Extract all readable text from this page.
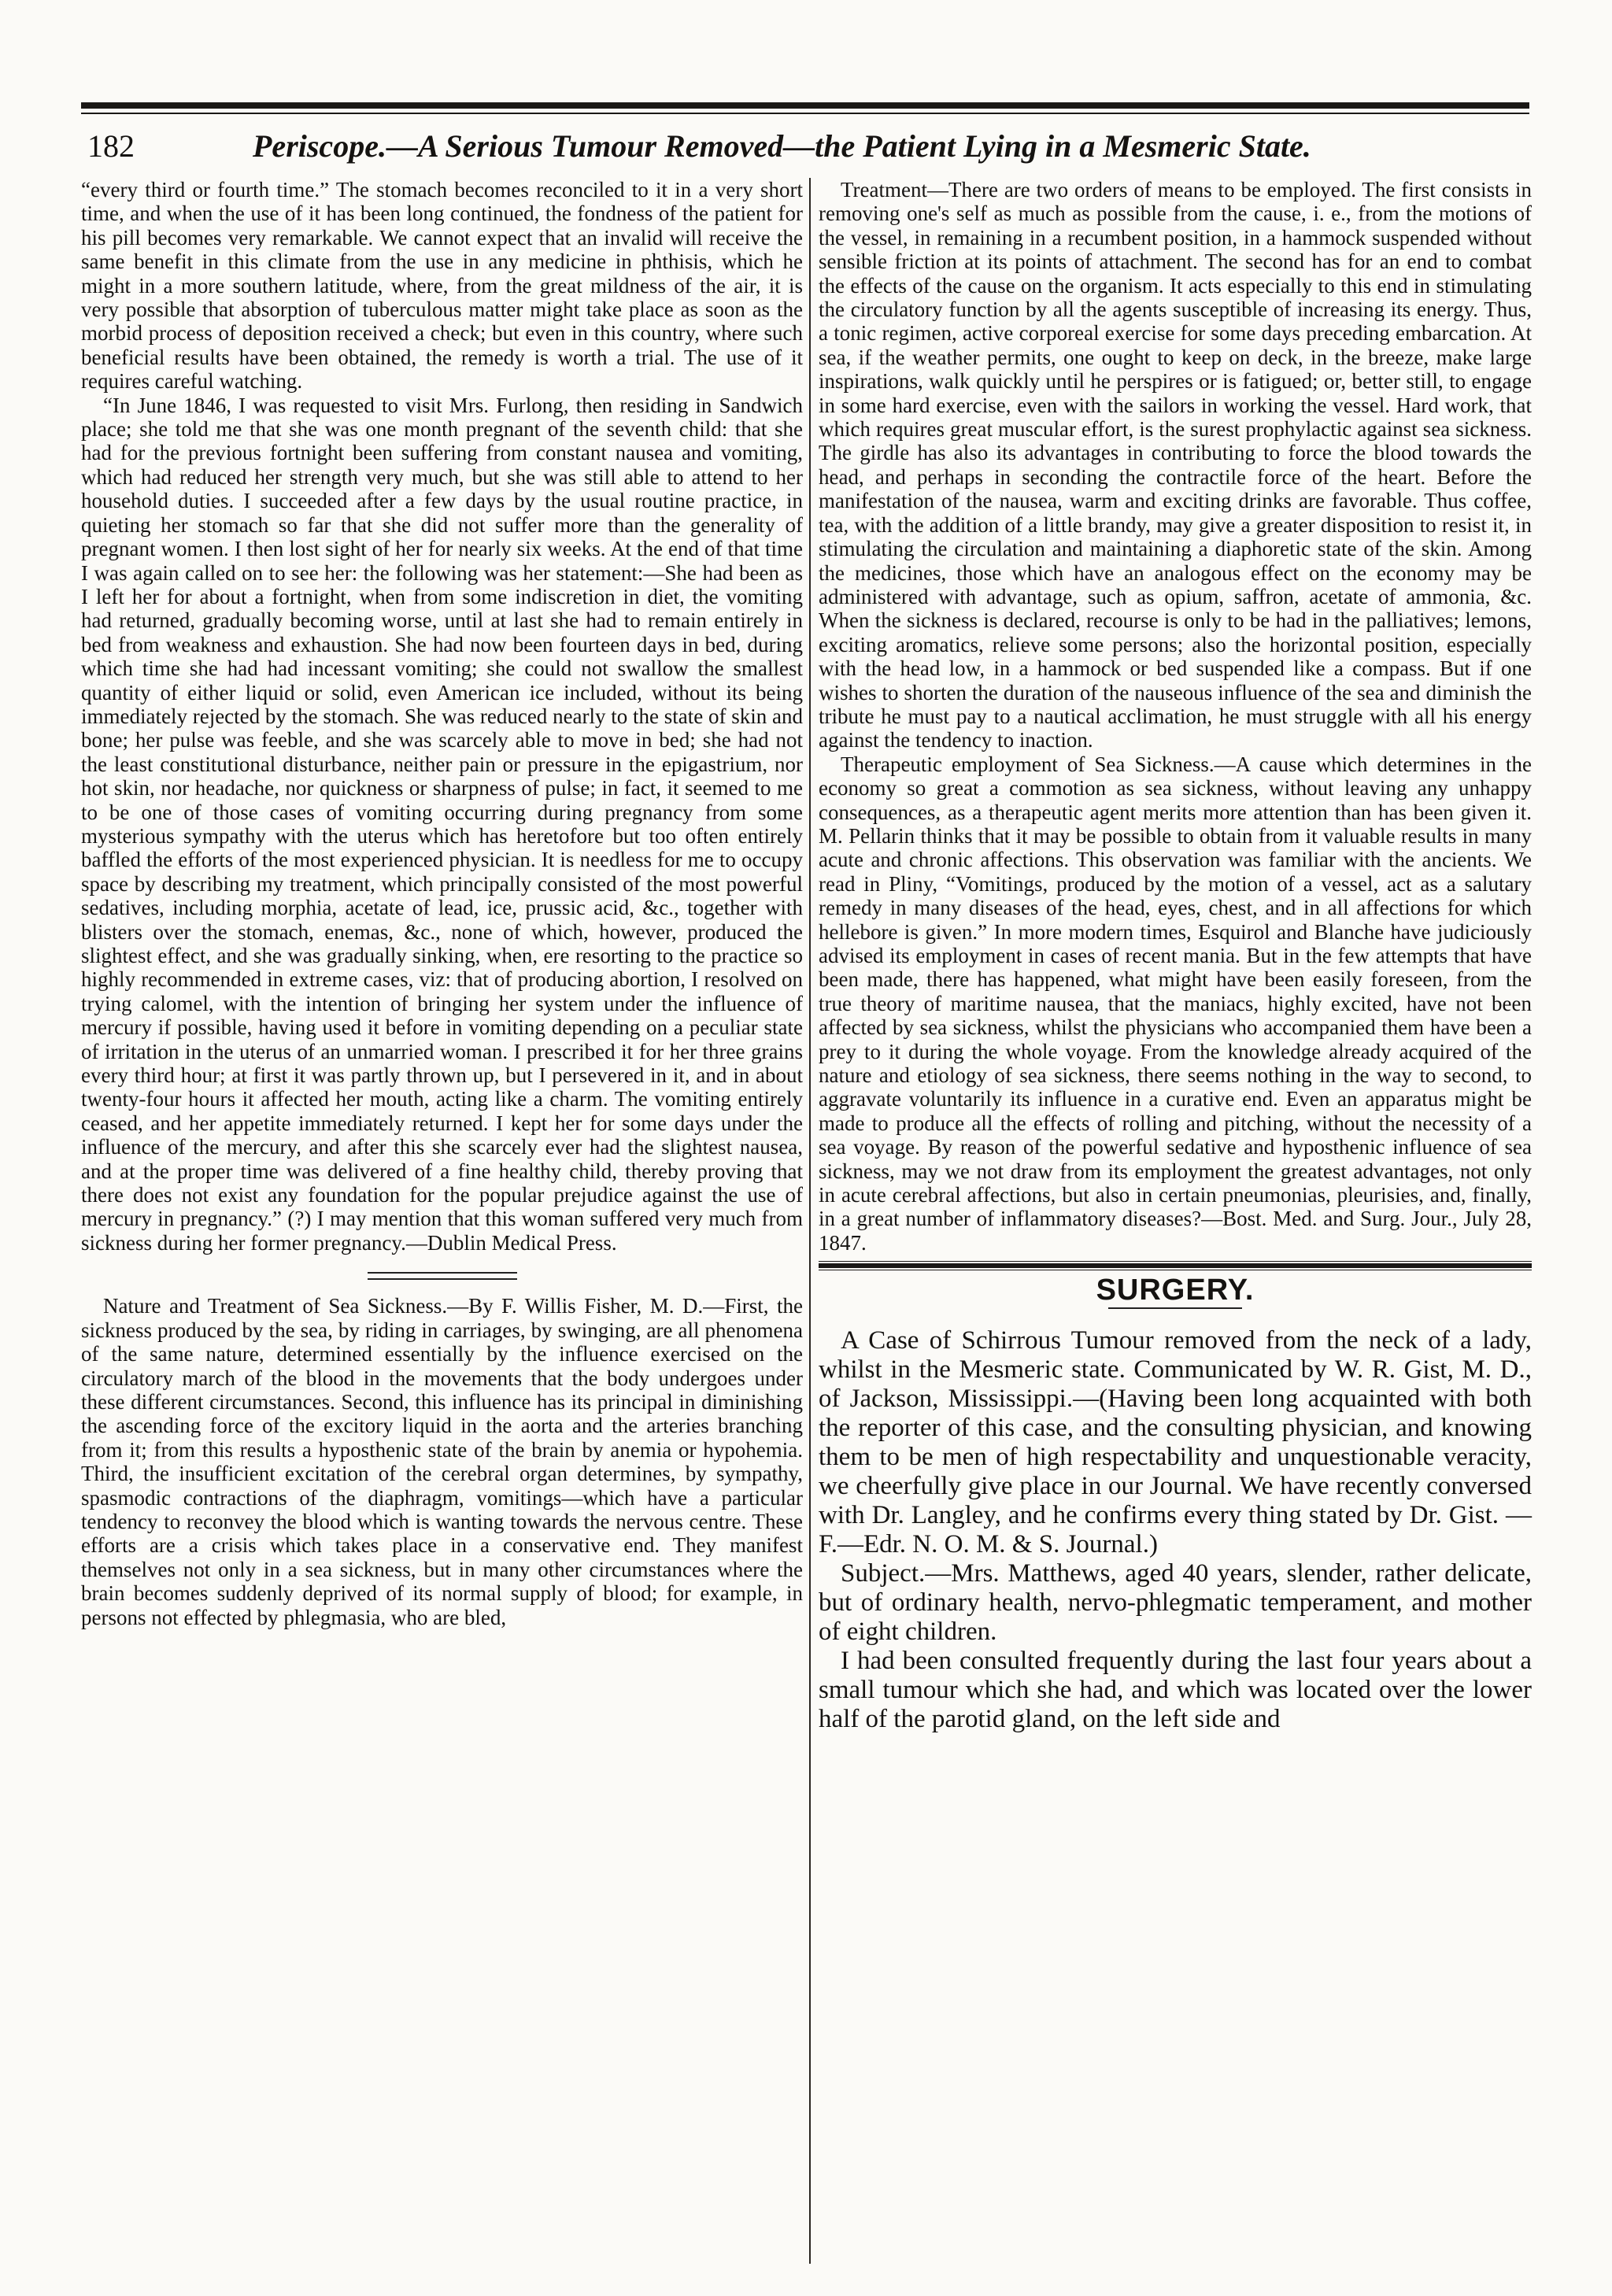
182	Periscope.—A Serious Tumour Removed—the Patient Lying in a Mesmeric State.

“every third or fourth time.” The stomach becomes reconciled to it in a very short time, and when the use of it has been long continued, the fondness of the patient for his pill becomes very remarkable. We cannot expect that an invalid will receive the same benefit in this climate from the use in any medicine in phthisis, which he might in a more southern latitude, where, from the great mildness of the air, it is very possible that absorption of tuberculous matter might take place as soon as the morbid process of deposition received a check; but even in this country, where such beneficial results have been obtained, the remedy is worth a trial. The use of it requires careful watching.

“In June 1846, I was requested to visit Mrs. Furlong, then residing in Sandwich place; she told me that she was one month pregnant of the seventh child: that she had for the previous fortnight been suffering from constant nausea and vomiting, which had reduced her strength very much, but she was still able to attend to her household duties. I succeeded after a few days by the usual routine practice, in quieting her stomach so far that she did not suffer more than the generality of pregnant women. I then lost sight of her for nearly six weeks. At the end of that time I was again called on to see her: the following was her statement:—She had been as I left her for about a fortnight, when from some indiscretion in diet, the vomiting had returned, gradually becoming worse, until at last she had to remain entirely in bed from weakness and exhaustion. She had now been fourteen days in bed, during which time she had had incessant vomiting; she could not swallow the smallest quantity of either liquid or solid, even American ice included, without its being immediately rejected by the stomach. She was reduced nearly to the state of skin and bone; her pulse was feeble, and she was scarcely able to move in bed; she had not the least constitutional disturbance, neither pain or pressure in the epigastrium, nor hot skin, nor headache, nor quickness or sharpness of pulse; in fact, it seemed to me to be one of those cases of vomiting occurring during pregnancy from some mysterious sympathy with the uterus which has heretofore but too often entirely baffled the efforts of the most experienced physician. It is needless for me to occupy space by describing my treatment, which principally consisted of the most powerful sedatives, including morphia, acetate of lead, ice, prussic acid, &c., together with blisters over the stomach, enemas, &c., none of which, however, produced the slightest effect, and she was gradually sinking, when, ere resorting to the practice so highly recommended in extreme cases, viz: that of producing abortion, I resolved on trying calomel, with the intention of bringing her system under the influence of mercury if possible, having used it before in vomiting depending on a peculiar state of irritation in the uterus of an unmarried woman. I prescribed it for her three grains every third hour; at first it was partly thrown up, but I persevered in it, and in about twenty-four hours it affected her mouth, acting like a charm. The vomiting entirely ceased, and her appetite immediately returned. I kept her for some days under the influence of the mercury, and after this she scarcely ever had the slightest nausea, and at the proper time was delivered of a fine healthy child, thereby proving that there does not exist any foundation for the popular prejudice against the use of mercury in pregnancy.” (?) I may mention that this woman suffered very much from sickness during her former pregnancy.—Dublin Medical Press.

Nature and Treatment of Sea Sickness.—By F. Willis Fisher, M. D.—First, the sickness produced by the sea, by riding in carriages, by swinging, are all phenomena of the same nature, determined essentially by the influence exercised on the circulatory march of the blood in the movements that the body undergoes under these different circumstances. Second, this influence has its principal in diminishing the ascending force of the excitory liquid in the aorta and the arteries branching from it; from this results a hyposthenic state of the brain by anemia or hypohemia. Third, the insufficient excitation of the cerebral organ determines, by sympathy, spasmodic contractions of the diaphragm, vomitings—which have a particular tendency to reconvey the blood which is wanting towards the nervous centre. These efforts are a crisis which takes place in a conservative end. They manifest themselves not only in a sea sickness, but in many other circumstances where the brain becomes suddenly deprived of its normal supply of blood; for example, in persons not effected by phlegmasia, who are bled,

Treatment—There are two orders of means to be employed. The first consists in removing one's self as much as possible from the cause, i. e., from the motions of the vessel, in remaining in a recumbent position, in a hammock suspended without sensible friction at its points of attachment. The second has for an end to combat the effects of the cause on the organism. It acts especially to this end in stimulating the circulatory function by all the agents susceptible of increasing its energy. Thus, a tonic regimen, active corporeal exercise for some days preceding embarcation. At sea, if the weather permits, one ought to keep on deck, in the breeze, make large inspirations, walk quickly until he perspires or is fatigued; or, better still, to engage in some hard exercise, even with the sailors in working the vessel. Hard work, that which requires great muscular effort, is the surest prophylactic against sea sickness. The girdle has also its advantages in contributing to force the blood towards the head, and perhaps in seconding the contractile force of the heart. Before the manifestation of the nausea, warm and exciting drinks are favorable. Thus coffee, tea, with the addition of a little brandy, may give a greater disposition to resist it, in stimulating the circulation and maintaining a diaphoretic state of the skin. Among the medicines, those which have an analogous effect on the economy may be administered with advantage, such as opium, saffron, acetate of ammonia, &c. When the sickness is declared, recourse is only to be had in the palliatives; lemons, exciting aromatics, relieve some persons; also the horizontal position, especially with the head low, in a hammock or bed suspended like a compass. But if one wishes to shorten the duration of the nauseous influence of the sea and diminish the tribute he must pay to a nautical acclimation, he must struggle with all his energy against the tendency to inaction.

Therapeutic employment of Sea Sickness.—A cause which determines in the economy so great a commotion as sea sickness, without leaving any unhappy consequences, as a therapeutic agent merits more attention than has been given it. M. Pellarin thinks that it may be possible to obtain from it valuable results in many acute and chronic affections. This observation was familiar with the ancients. We read in Pliny, “Vomitings, produced by the motion of a vessel, act as a salutary remedy in many diseases of the head, eyes, chest, and in all affections for which hellebore is given.” In more modern times, Esquirol and Blanche have judiciously advised its employment in cases of recent mania. But in the few attempts that have been made, there has happened, what might have been easily foreseen, from the true theory of maritime nausea, that the maniacs, highly excited, have not been affected by sea sickness, whilst the physicians who accompanied them have been a prey to it during the whole voyage. From the knowledge already acquired of the nature and etiology of sea sickness, there seems nothing in the way to second, to aggravate voluntarily its influence in a curative end. Even an apparatus might be made to produce all the effects of rolling and pitching, without the necessity of a sea voyage. By reason of the powerful sedative and hyposthenic influence of sea sickness, may we not draw from its employment the greatest advantages, not only in acute cerebral affections, but also in certain pneumonias, pleurisies, and, finally, in a great number of inflammatory diseases?—Bost. Med. and Surg. Jour., July 28, 1847.

SURGERY.

A Case of Schirrous Tumour removed from the neck of a lady, whilst in the Mesmeric state. Communicated by W. R. Gist, M. D., of Jackson, Mississippi.—(Having been long acquainted with both the reporter of this case, and the consulting physician, and knowing them to be men of high respectability and unquestionable veracity, we cheerfully give place in our Journal. We have recently conversed with Dr. Langley, and he confirms every thing stated by Dr. Gist. —F.—Edr. N. O. M. & S. Journal.)

Subject.—Mrs. Matthews, aged 40 years, slender, rather delicate, but of ordinary health, nervo-phlegmatic temperament, and mother of eight children.

I had been consulted frequently during the last four years about a small tumour which she had, and which was located over the lower half of the parotid gland, on the left side and
